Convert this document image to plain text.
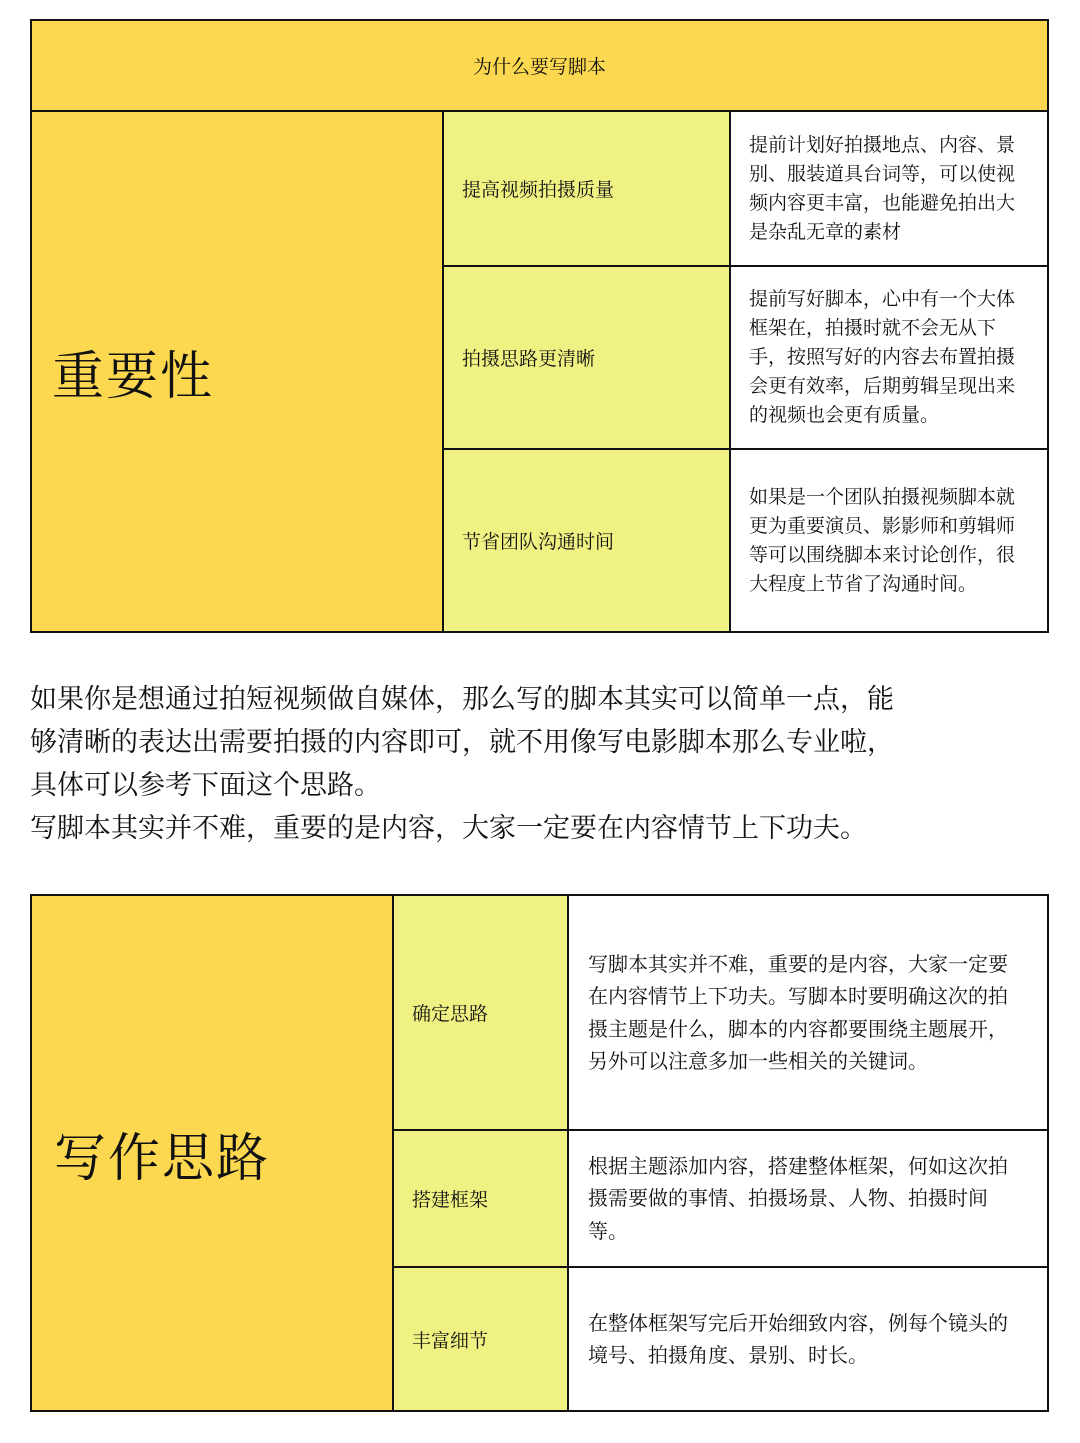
为什么要写脚本
重要性
提高视频拍摄质量
提前计划好拍摄地点、内容、景别、服装道具台词等，可以使视频内容更丰富，也能避免拍出大是杂乱无章的素材
拍摄思路更清晰
提前写好脚本，心中有一个大体框架在，拍摄时就不会无从下手，按照写好的内容去布置拍摄会更有效率，后期剪辑呈现出来的视频也会更有质量。
节省团队沟通时间
如果是一个团队拍摄视频脚本就更为重要演员、影影师和剪辑师等可以围绕脚本来讨论创作，很大程度上节省了沟通时间。
如果你是想通过拍短视频做自媒体，那么写的脚本其实可以简单一点，能
够清晰的表达出需要拍摄的内容即可，就不用像写电影脚本那么专业啦，
具体可以参考下面这个思路。
写脚本其实并不难，重要的是内容，大家一定要在内容情节上下功夫。
写作思路
确定思路
写脚本其实并不难，重要的是内容，大家一定要在内容情节上下功夫。写脚本时要明确这次的拍摄主题是什么，脚本的内容都要围绕主题展开，另外可以注意多加一些相关的关键词。
搭建框架
根据主题添加内容，搭建整体框架，何如这次拍摄需要做的事情、拍摄场景、人物、拍摄时间等。
丰富细节
在整体框架写完后开始细致内容，例每个镜头的境号、拍摄角度、景别、时长。
